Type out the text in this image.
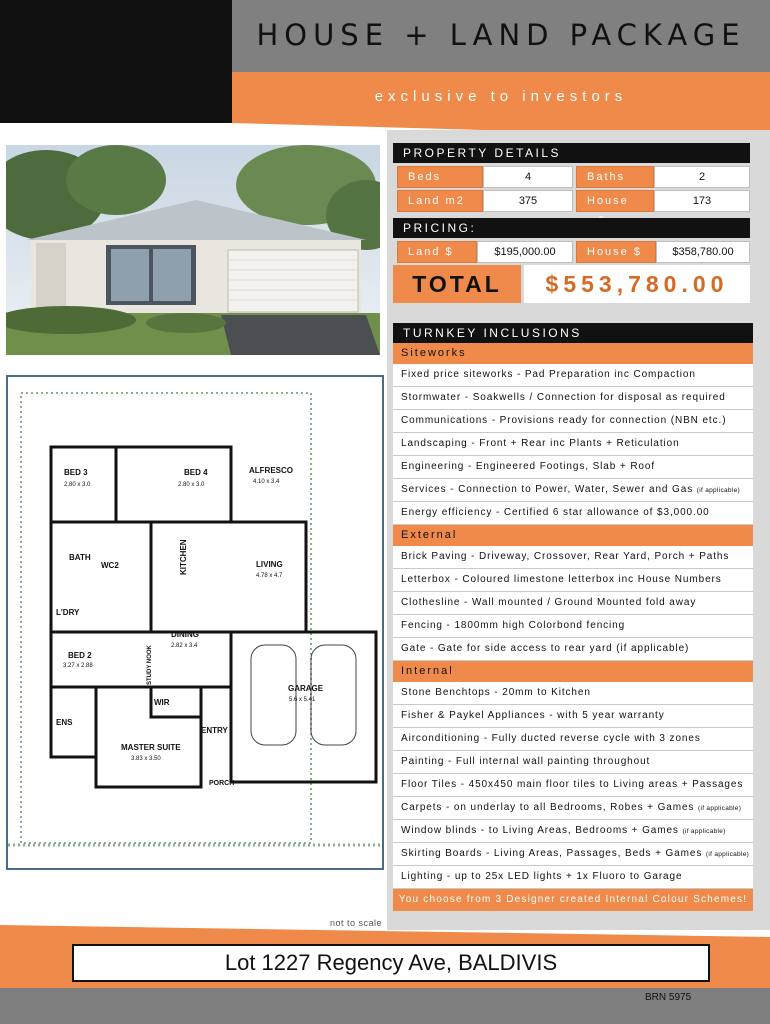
HOUSE + LAND PACKAGE
exclusive to investors
PROPERTY DETAILS
Beds	4	Baths	2
Land m2	375	House	173
PRICING:
Land $	$195,000.00	House $	$358,780.00
TOTAL	$553,780.00
TURNKEY INCLUSIONS
Siteworks
Fixed price siteworks - Pad Preparation inc Compaction
Stormwater - Soakwells / Connection for disposal as required
Communications - Provisions ready for connection (NBN etc.)
Landscaping - Front + Rear inc Plants + Reticulation
Engineering - Engineered Footings, Slab + Roof
Services - Connection to Power, Water, Sewer and Gas (if applicable)
Energy efficiency - Certified 6 star allowance of $3,000.00
External
Brick Paving - Driveway, Crossover, Rear Yard, Porch + Paths
Letterbox - Coloured limestone letterbox inc House Numbers
Clothesline - Wall mounted / Ground Mounted fold away
Fencing - 1800mm high Colorbond fencing
Gate - Gate for side access to rear yard (if applicable)
Internal
Stone Benchtops - 20mm to Kitchen
Fisher & Paykel Appliances - with 5 year warranty
Airconditioning - Fully ducted reverse cycle with 3 zones
Painting - Full internal wall painting throughout
Floor Tiles - 450x450 main floor tiles to Living areas + Passages
Carpets - on underlay to all Bedrooms, Robes + Games (if applicable)
Window blinds - to Living Areas, Bedrooms + Games (if applicable)
Skirting Boards - Living Areas, Passages, Beds + Games (if applicable)
Lighting - up to 25x LED lights + 1x Fluoro to Garage
You choose from 3 Designer created Internal Colour Schemes!
BED 3
2.80 x 3.0
BED 4
2.80 x 3.0
ALFRESCO
4.10 x 3.4
BATH
WC2	KITCHEN	LIVING
4.78 x 4.7
L'DRY
DINING
2.82 x 3.4
STUDY NOOK
BED 2
3.27 x 2.88
GARAGE
5.6 x 5.41
WIR
ENS
ENTRY
MASTER SUITE
3.83 x 3.50
PORCH
not to scale
Lot 1227 Regency Ave, BALDIVIS
BRN 5975
